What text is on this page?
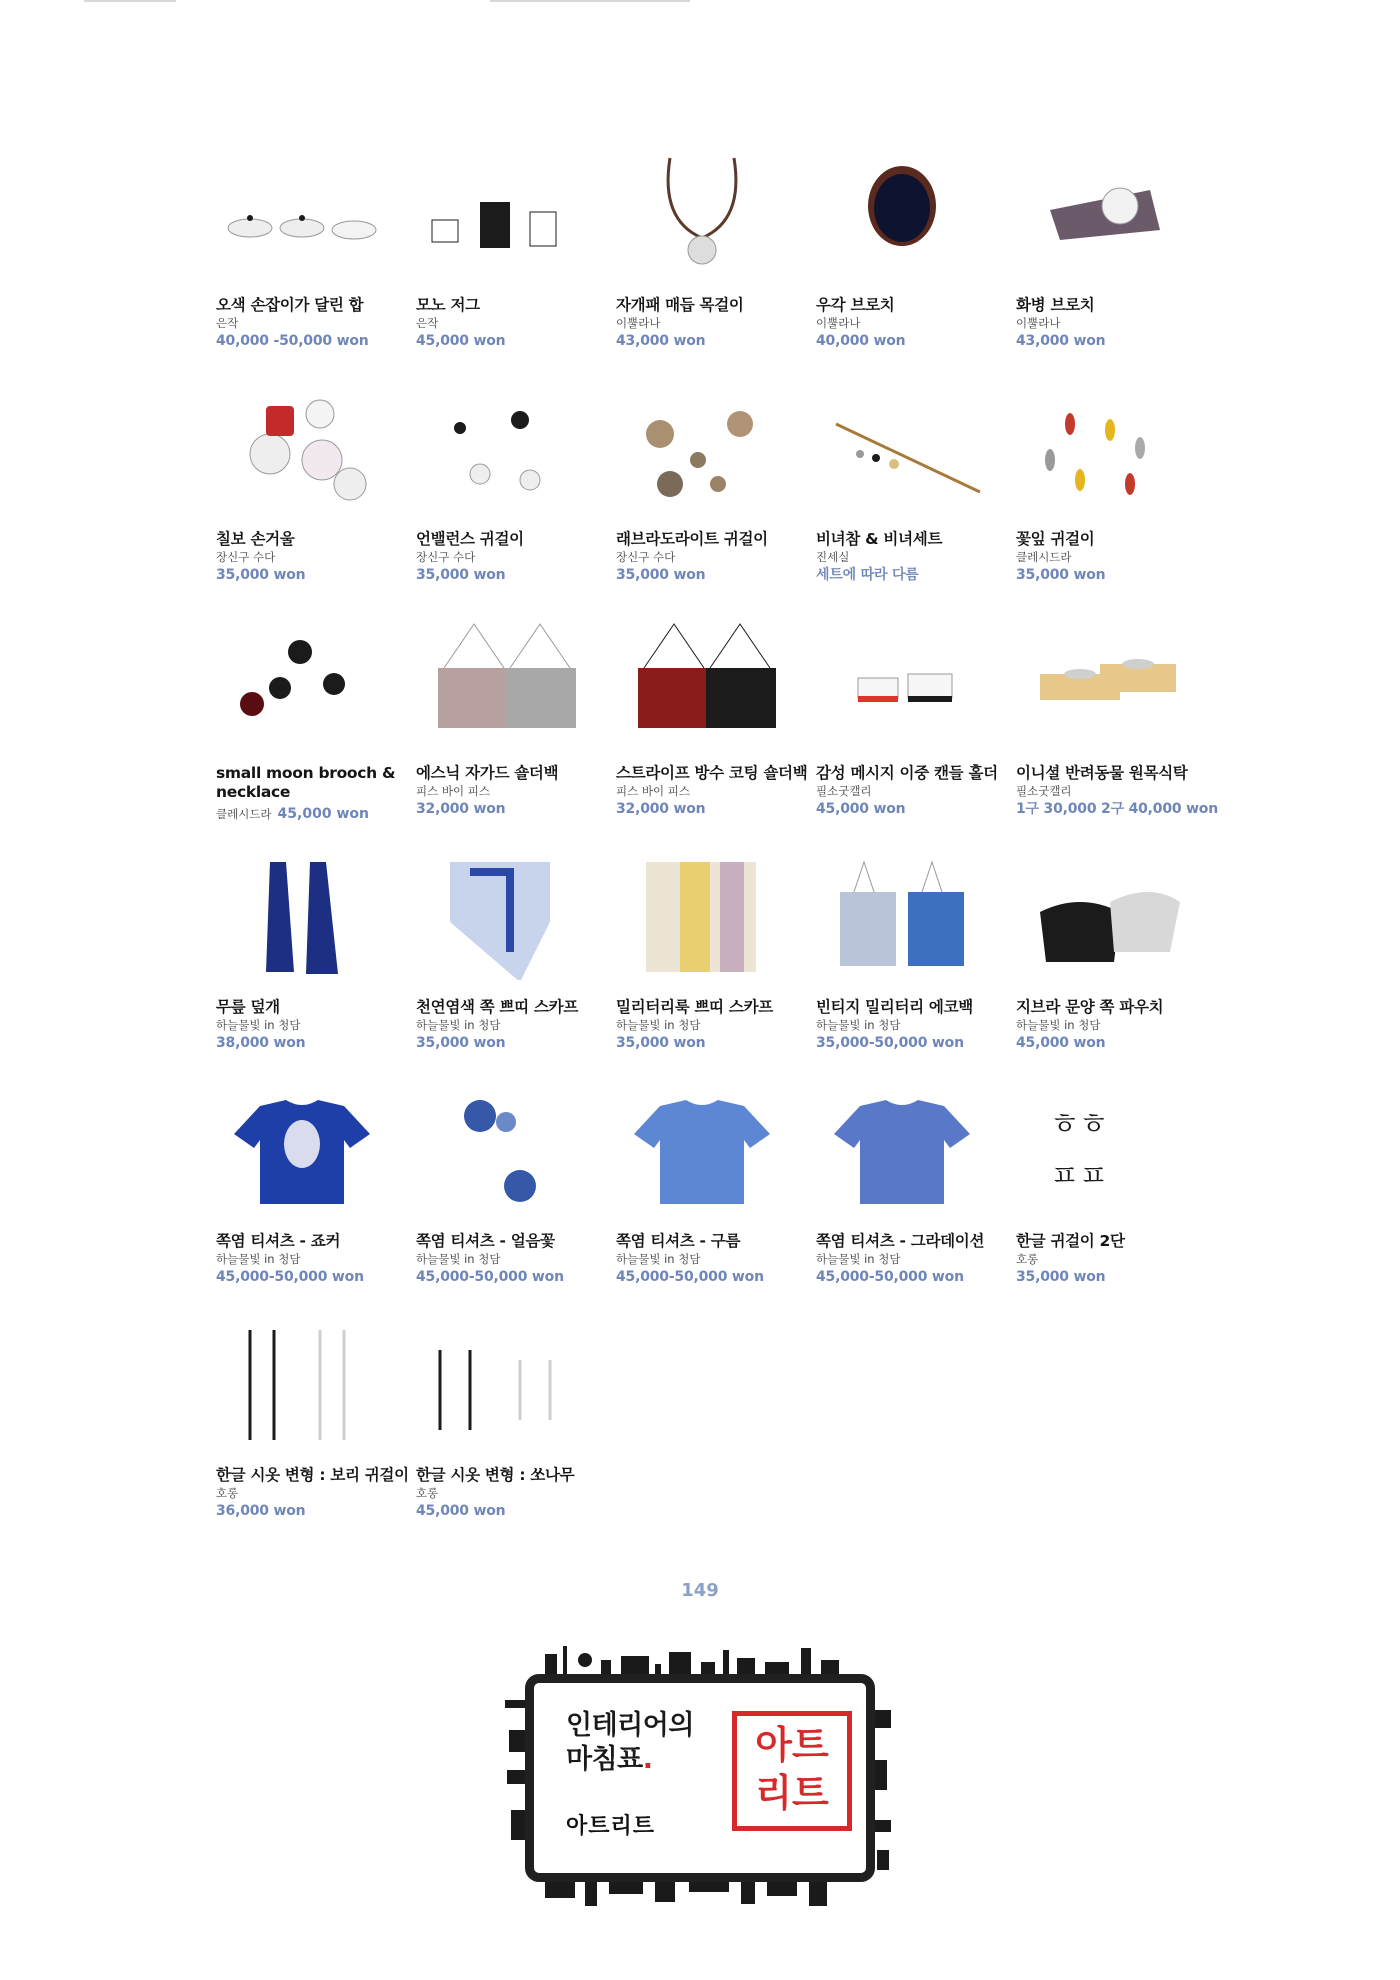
오색 손잡이가 달린 합
은작
40,000 -50,000 won
모노 저그
은작
45,000 won
자개패 매듭 목걸이
이뿔라나
43,000 won
우각 브로치
이뿔라나
40,000 won
화병 브로치
이뿔라나
43,000 won
칠보 손거울
장신구 수다
35,000 won
언밸런스 귀걸이
장신구 수다
35,000 won
래브라도라이트 귀걸이
장신구 수다
35,000 won
비녀참 & 비녀세트
진세실
세트에 따라 다름
꽃잎 귀걸이
클레시드라
35,000 won
small moon brooch & necklace
클레시드라 45,000 won
에스닉 자가드 숄더백
피스 바이 피스
32,000 won
스트라이프 방수 코팅 숄더백
피스 바이 피스
32,000 won
감성 메시지 이중 캔들 홀더
필소굿캘리
45,000 won
이니셜 반려동물 원목식탁
필소굿캘리
1구 30,000 2구 40,000 won
무릎 덮개
하늘물빛 in 청담
38,000 won
천연염색 쪽 쁘띠 스카프
하늘물빛 in 청담
35,000 won
밀리터리룩 쁘띠 스카프
하늘물빛 in 청담
35,000 won
빈티지 밀리터리 에코백
하늘물빛 in 청담
35,000-50,000 won
지브라 문양 쪽 파우치
하늘물빛 in 청담
45,000 won
쪽염 티셔츠 - 죠커
하늘물빛 in 청담
45,000-50,000 won
쪽염 티셔츠 - 얼음꽃
하늘물빛 in 청담
45,000-50,000 won
쪽염 티셔츠 - 구름
하늘물빛 in 청담
45,000-50,000 won
쪽염 티셔츠 - 그라데이션
하늘물빛 in 청담
45,000-50,000 won
ㅎㅎ
ㅍㅍ
한글 귀걸이 2단
호롱
35,000 won
한글 시옷 변형 : 보리 귀걸이
호롱
36,000 won
한글 시옷 변형 : 쏘나무
호롱
45,000 won
149
인테리어의
마침표.
아트리트
아트
리트
